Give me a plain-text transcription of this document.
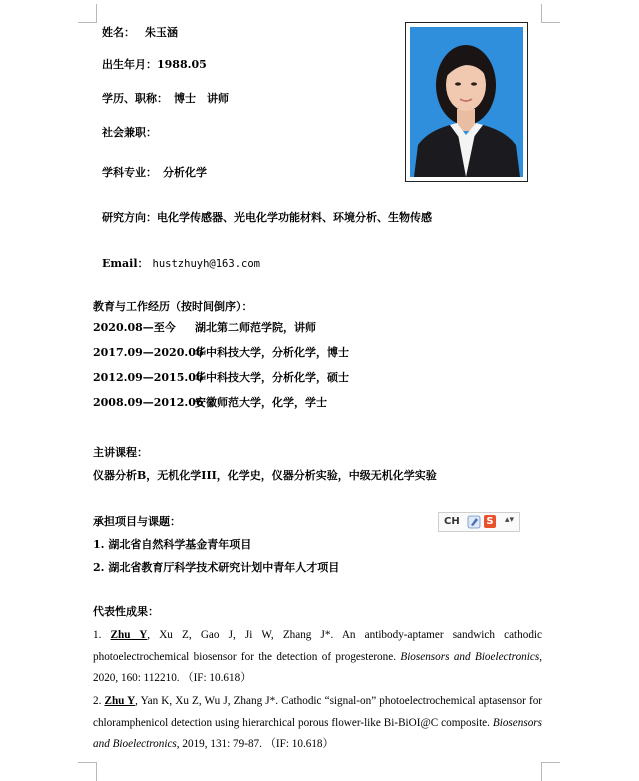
姓名： 朱玉涵
出生年月：1988.05
学历、职称： 博士　讲师
社会兼职：
学科专业： 分析化学
研究方向：电化学传感器、光电化学功能材料、环境分析、生物传感
Email： hustzhuyh@163.com
教育与工作经历（按时间倒序）：
2020.08—至今 湖北第二师范学院，讲师
2017.09—2020.06华中科技大学，分析化学，博士
2012.09—2015.06华中科技大学，分析化学，硕士
2008.09—2012.06安徽师范大学，化学，学士
主讲课程：
仪器分析B，无机化学III，化学史，仪器分析实验，中级无机化学实验
承担项目与课题：
1. 湖北省自然科学基金青年项目
2. 湖北省教育厅科学技术研究计划中青年人才项目
CH	S ▴▾
代表性成果：
1. Zhu Y, Xu Z, Gao J, Ji W, Zhang J*. An antibody-aptamer sandwich cathodic photoelectrochemical biosensor for the detection of progesterone. Biosensors and Bioelectronics, 2020, 160: 112210. （IF: 10.618）
2. Zhu Y, Yan K, Xu Z, Wu J, Zhang J*. Cathodic “signal-on” photoelectrochemical aptasensor for chloramphenicol detection using hierarchical porous flower-like Bi-BiOI@C composite. Biosensors and Bioelectronics, 2019, 131: 79-87. （IF: 10.618）
